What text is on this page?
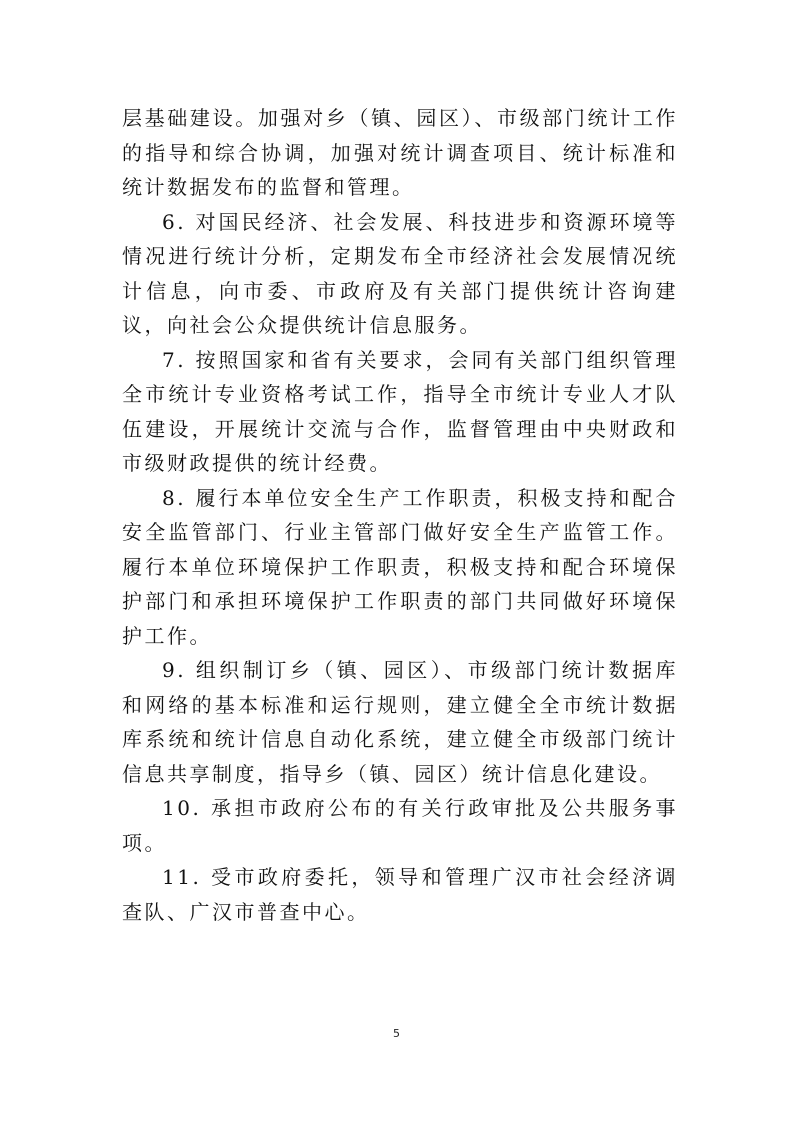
层基础建设。加强对乡（镇、园区）、市级部门统计工作的指导和综合协调，加强对统计调查项目、统计标准和统计数据发布的监督和管理。

6. 对国民经济、社会发展、科技进步和资源环境等情况进行统计分析，定期发布全市经济社会发展情况统计信息，向市委、市政府及有关部门提供统计咨询建议，向社会公众提供统计信息服务。

7. 按照国家和省有关要求，会同有关部门组织管理全市统计专业资格考试工作，指导全市统计专业人才队伍建设，开展统计交流与合作，监督管理由中央财政和市级财政提供的统计经费。

8. 履行本单位安全生产工作职责，积极支持和配合安全监管部门、行业主管部门做好安全生产监管工作。履行本单位环境保护工作职责，积极支持和配合环境保护部门和承担环境保护工作职责的部门共同做好环境保护工作。

9. 组织制订乡（镇、园区）、市级部门统计数据库和网络的基本标准和运行规则，建立健全全市统计数据库系统和统计信息自动化系统，建立健全市级部门统计信息共享制度，指导乡（镇、园区）统计信息化建设。

10. 承担市政府公布的有关行政审批及公共服务事项。

11. 受市政府委托，领导和管理广汉市社会经济调查队、广汉市普查中心。

5
